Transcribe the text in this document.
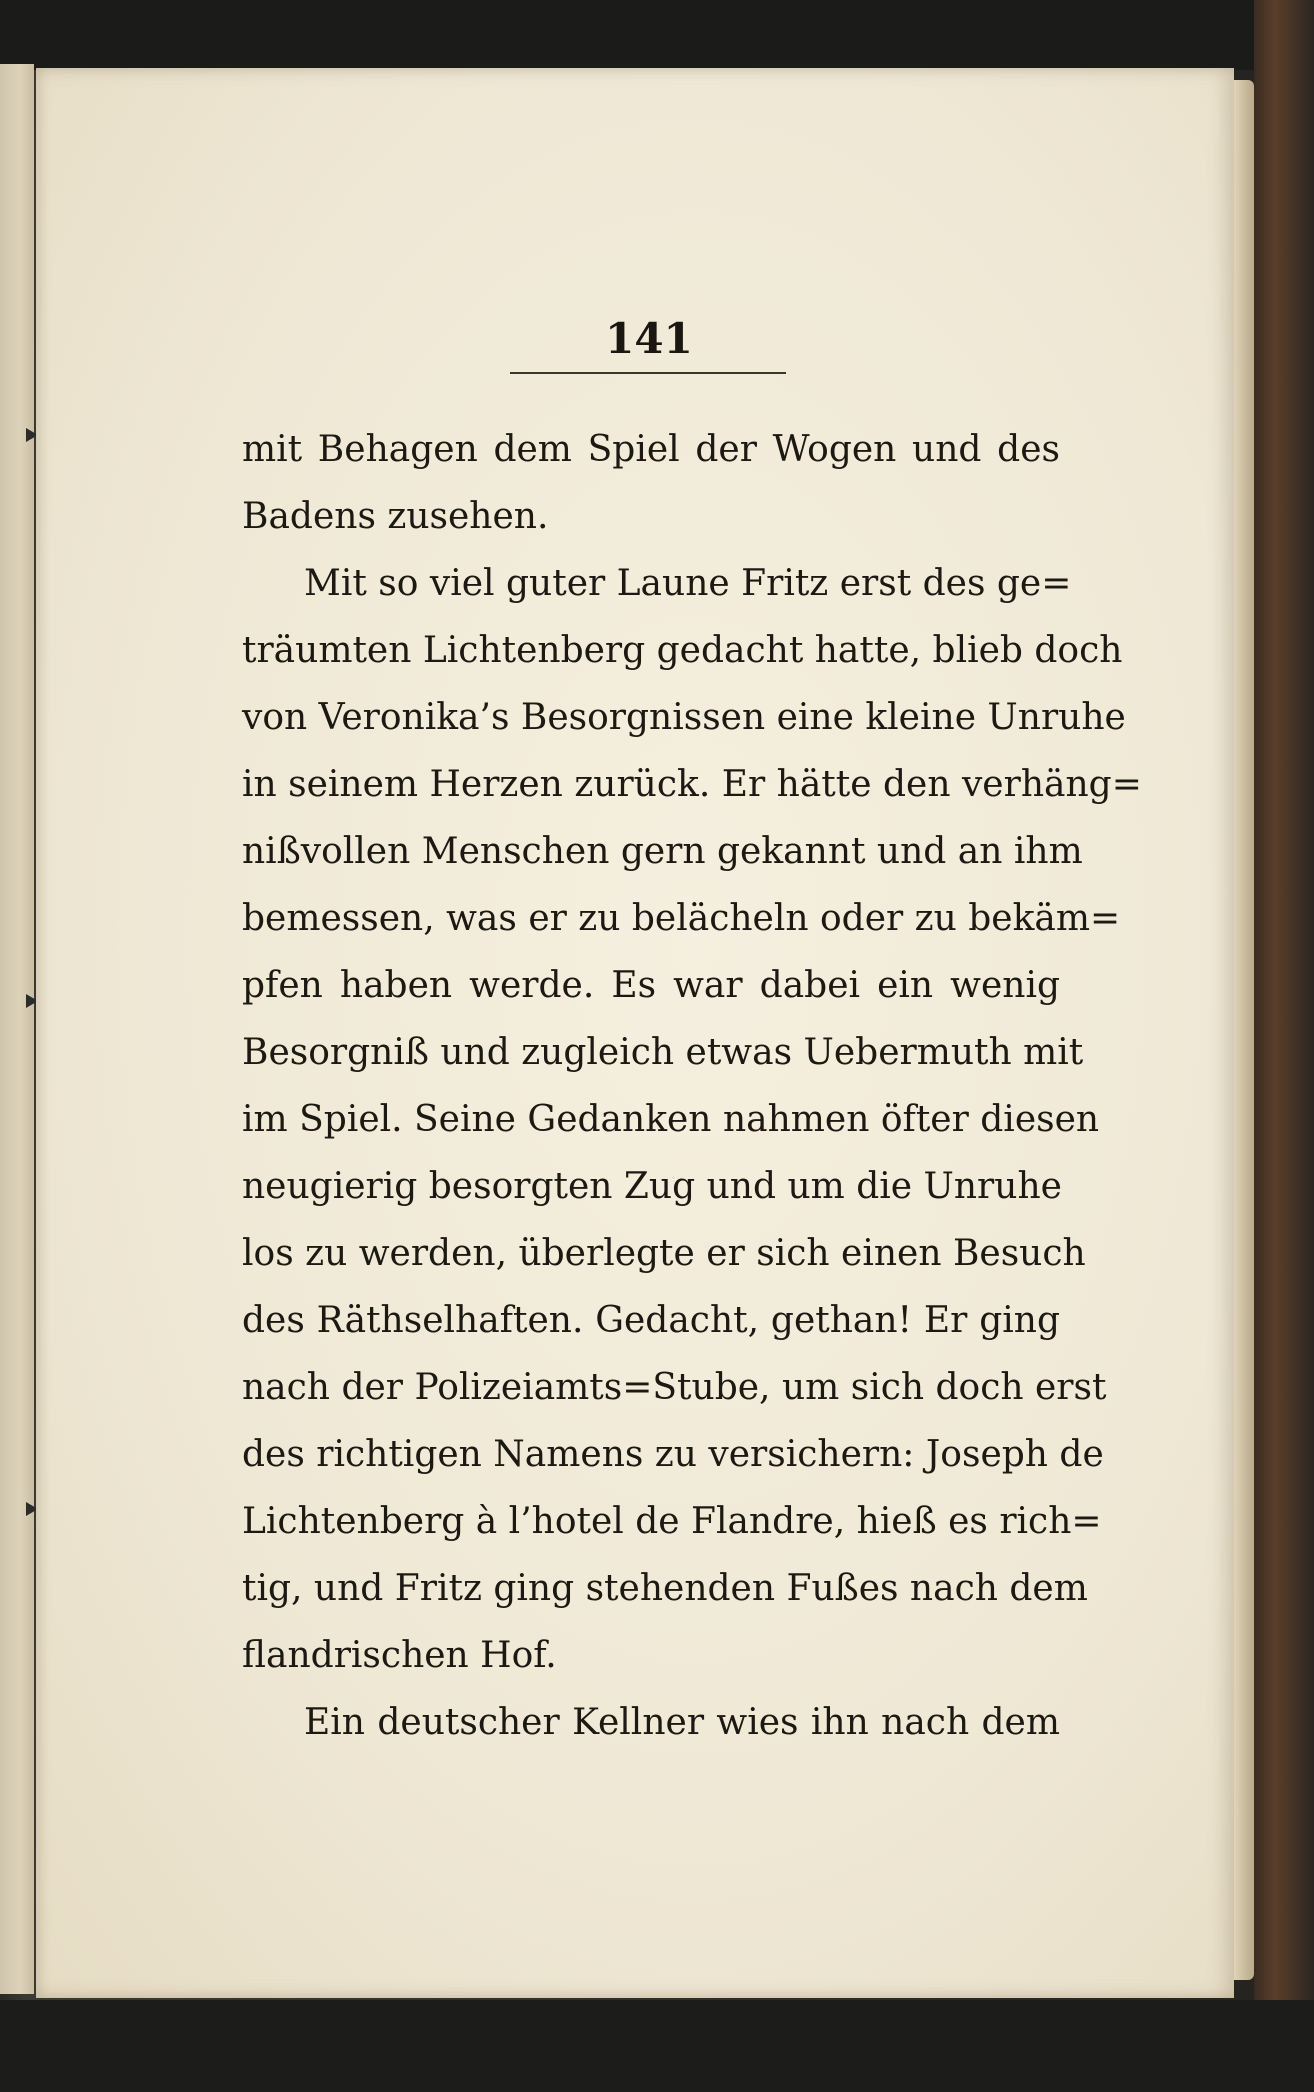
141

mit Behagen dem Spiel der Wogen und des
Badens zusehen.

Mit so viel guter Laune Fritz erst des ge=
träumten Lichtenberg gedacht hatte, blieb doch
von Veronika’s Besorgnissen eine kleine Unruhe
in seinem Herzen zurück. Er hätte den verhäng=
nißvollen Menschen gern gekannt und an ihm
bemessen, was er zu belächeln oder zu bekäm=
pfen haben werde. Es war dabei ein wenig
Besorgniß und zugleich etwas Uebermuth mit
im Spiel. Seine Gedanken nahmen öfter diesen
neugierig besorgten Zug und um die Unruhe
los zu werden, überlegte er sich einen Besuch
des Räthselhaften. Gedacht, gethan! Er ging
nach der Polizeiamts=Stube, um sich doch erst
des richtigen Namens zu versichern: Joseph de
Lichtenberg à l’hotel de Flandre, hieß es rich=
tig, und Fritz ging stehenden Fußes nach dem
flandrischen Hof.

Ein deutscher Kellner wies ihn nach dem
